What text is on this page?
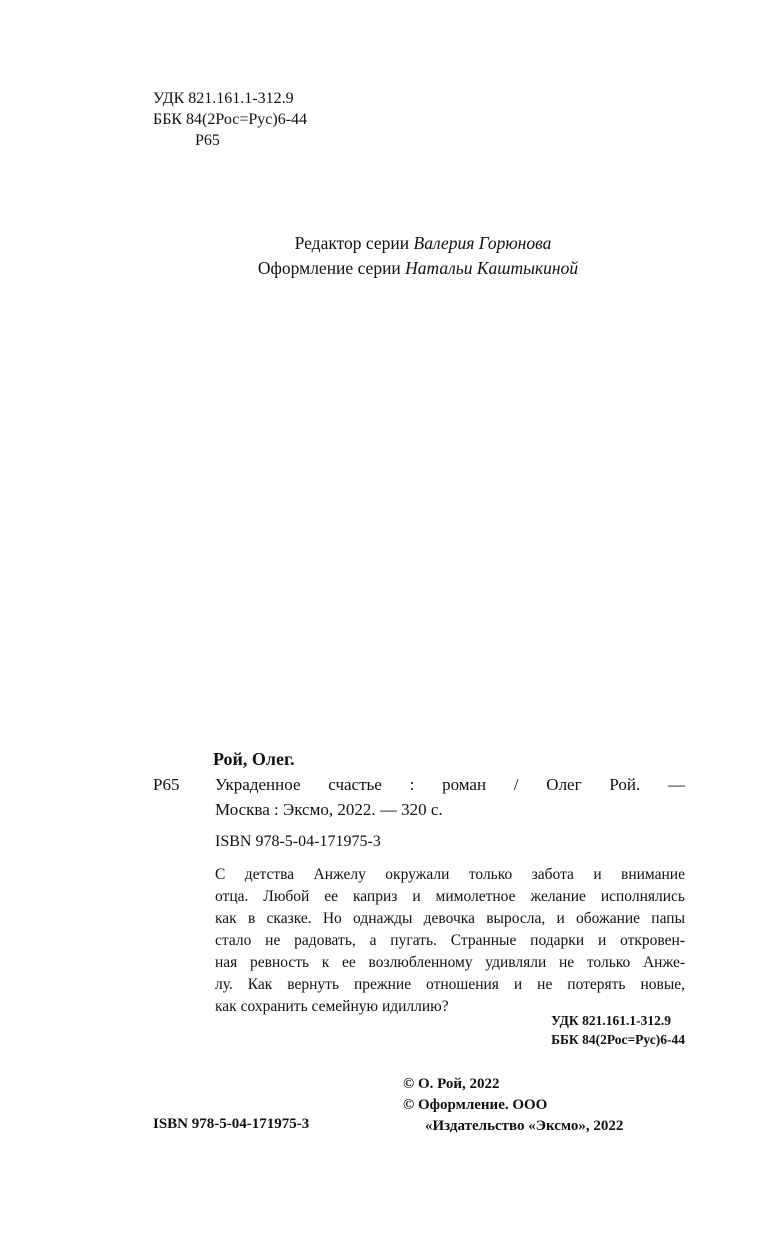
УДК 821.161.1-312.9
ББК 84(2Рос=Рус)6-44
Р65
Редактор серии Валерия Горюнова
Оформление серии Натальи Каштыкиной
Рой, Олег.
Р65 Украденное счастье : роман / Олег Рой. —
Москва : Эксмо, 2022. — 320 с.
ISBN 978-5-04-171975-3
С детства Анжелу окружали только забота и внимание
отца. Любой ее каприз и мимолетное желание исполнялись
как в сказке. Но однажды девочка выросла, и обожание папы
стало не радовать, а пугать. Странные подарки и откровен-
ная ревность к ее возлюбленному удивляли не только Анже-
лу. Как вернуть прежние отношения и не потерять новые,
как сохранить семейную идиллию?
УДК 821.161.1-312.9
ББК 84(2Рос=Рус)6-44
© О. Рой, 2022
© Оформление. ООО
«Издательство «Эксмо», 2022
ISBN 978-5-04-171975-3
